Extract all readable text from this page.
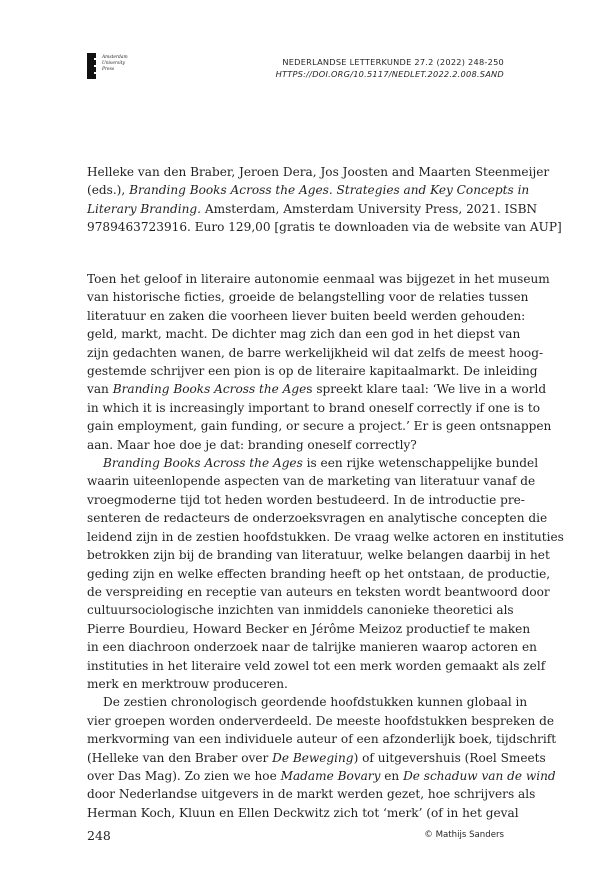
Amsterdam
University
Press
NEDERLANDSE LETTERKUNDE 27.2 (2022) 248-250
HTTPS://DOI.ORG/10.5117/NEDLET.2022.2.008.SAND
Helleke van den Braber, Jeroen Dera, Jos Joosten and Maarten Steenmeijer
(eds.), Branding Books Across the Ages. Strategies and Key Concepts in
Literary Branding. Amsterdam, Amsterdam University Press, 2021. ISBN
9789463723916. Euro 129,00 [gratis te downloaden via de website van AUP]
Toen het geloof in literaire autonomie eenmaal was bijgezet in het museum
van historische ficties, groeide de belangstelling voor de relaties tussen
literatuur en zaken die voorheen liever buiten beeld werden gehouden:
geld, markt, macht. De dichter mag zich dan een god in het diepst van
zijn gedachten wanen, de barre werkelijkheid wil dat zelfs de meest hoog-
gestemde schrijver een pion is op de literaire kapitaalmarkt. De inleiding
van Branding Books Across the Ages spreekt klare taal: ‘We live in a world
in which it is increasingly important to brand oneself correctly if one is to
gain employment, gain funding, or secure a project.’ Er is geen ontsnappen
aan. Maar hoe doe je dat: branding oneself correctly?
Branding Books Across the Ages is een rijke wetenschappelijke bundel
waarin uiteenlopende aspecten van de marketing van literatuur vanaf de
vroegmoderne tijd tot heden worden bestudeerd. In de introductie pre-
senteren de redacteurs de onderzoeksvragen en analytische concepten die
leidend zijn in de zestien hoofdstukken. De vraag welke actoren en instituties
betrokken zijn bij de branding van literatuur, welke belangen daarbij in het
geding zijn en welke effecten branding heeft op het ontstaan, de productie,
de verspreiding en receptie van auteurs en teksten wordt beantwoord door
cultuursociologische inzichten van inmiddels canonieke theoretici als
Pierre Bourdieu, Howard Becker en Jérôme Meizoz productief te maken
in een diachroon onderzoek naar de talrijke manieren waarop actoren en
instituties in het literaire veld zowel tot een merk worden gemaakt als zelf
merk en merktrouw produceren.
De zestien chronologisch geordende hoofdstukken kunnen globaal in
vier groepen worden onderverdeeld. De meeste hoofdstukken bespreken de
merkvorming van een individuele auteur of een afzonderlijk boek, tijdschrift
(Helleke van den Braber over De Beweging) of uitgevershuis (Roel Smeets
over Das Mag). Zo zien we hoe Madame Bovary en De schaduw van de wind
door Nederlandse uitgevers in de markt werden gezet, hoe schrijvers als
Herman Koch, Kluun en Ellen Deckwitz zich tot ‘merk’ (of in het geval
248	© Mathijs Sanders
